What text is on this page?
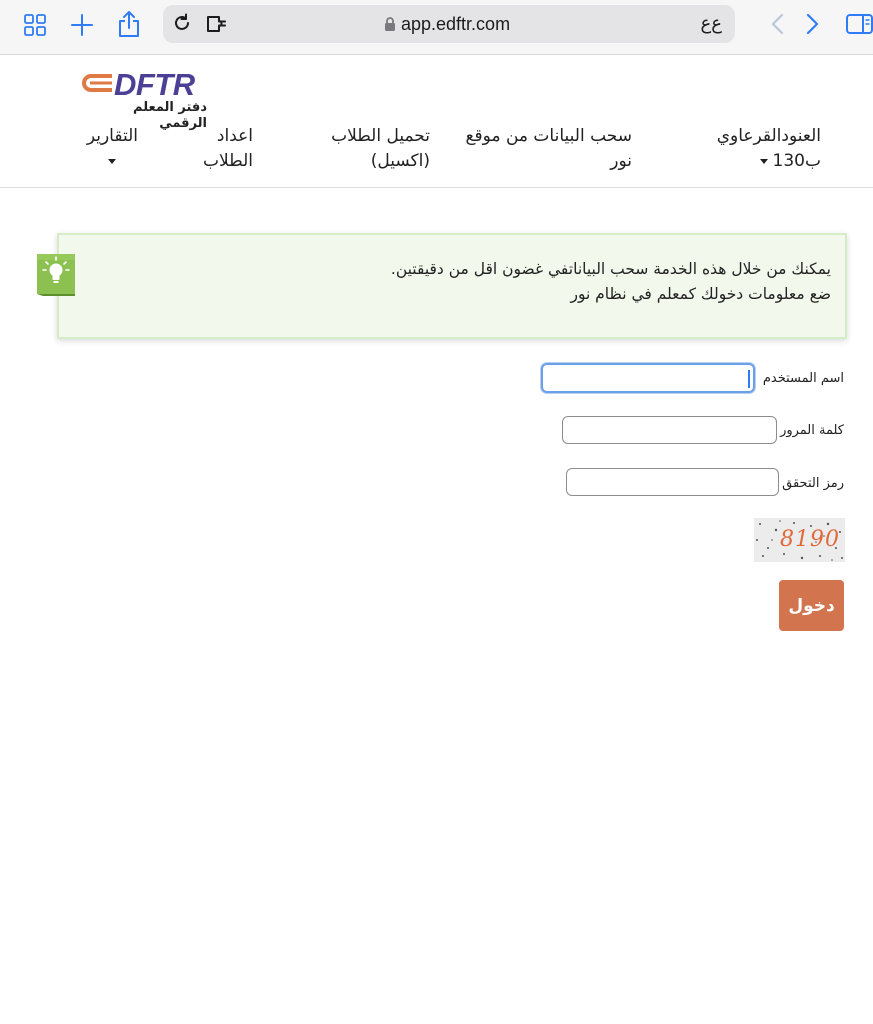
app.edftr.com	ﻉﻉ
DFTR
دفتر المعلم الرقمي
العنودالقرعاوي
ب130
سحب البيانات من موقع
نور
تحميل الطلاب
(اكسيل)
اعداد
الطلاب
التقارير
يمكنك من خلال هذه الخدمة سحب البياناتفي غضون اقل من دقيقتين.
ضع معلومات دخولك كمعلم في نظام نور
اسم المستخدم
كلمة المرور
رمز التحقق
8190
دخول
